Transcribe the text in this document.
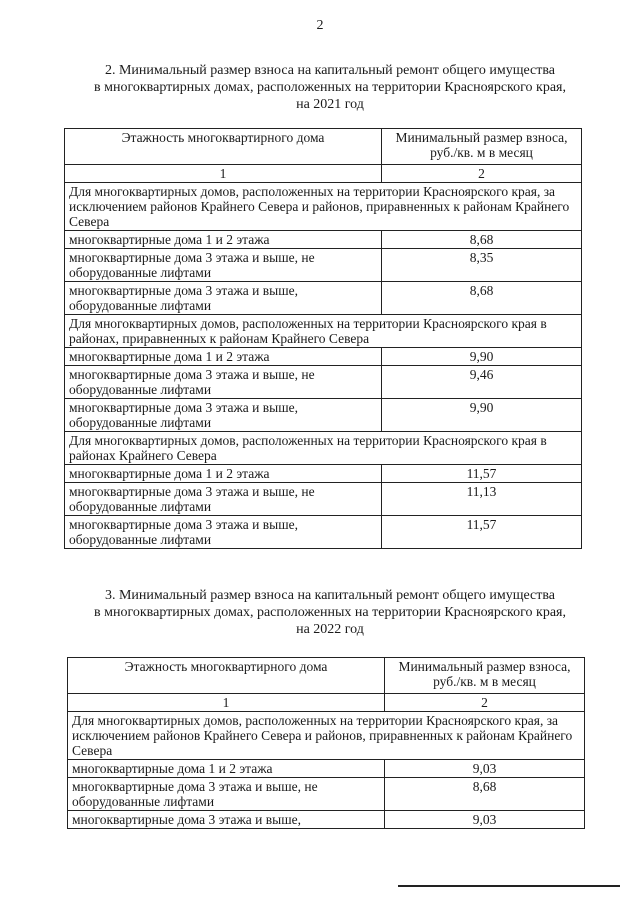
2
2. Минимальный размер взноса на капитальный ремонт общего имущества
в многоквартирных домах, расположенных на территории Красноярского края,
на 2021 год
Этажность многоквартирного дома	Минимальный размер взноса, руб./кв. м в месяц
1	2
Для многоквартирных домов, расположенных на территории Красноярского края, за исключением районов Крайнего Севера и районов, приравненных к районам Крайнего Севера	
многоквартирные дома 1 и 2 этажа	8,68
многоквартирные дома 3 этажа и выше, не оборудованные лифтами	8,35
многоквартирные дома 3 этажа и выше, оборудованные лифтами	8,68
Для многоквартирных домов, расположенных на территории Красноярского края в районах, приравненных к районам Крайнего Севера	
многоквартирные дома 1 и 2 этажа	9,90
многоквартирные дома 3 этажа и выше, не оборудованные лифтами	9,46
многоквартирные дома 3 этажа и выше, оборудованные лифтами	9,90
Для многоквартирных домов, расположенных на территории Красноярского края в районах Крайнего Севера	
многоквартирные дома 1 и 2 этажа	11,57
многоквартирные дома 3 этажа и выше, не оборудованные лифтами	11,13
многоквартирные дома 3 этажа и выше, оборудованные лифтами	11,57
3. Минимальный размер взноса на капитальный ремонт общего имущества
в многоквартирных домах, расположенных на территории Красноярского края,
на 2022 год
Этажность многоквартирного дома	Минимальный размер взноса, руб./кв. м в месяц
1	2
Для многоквартирных домов, расположенных на территории Красноярского края, за исключением районов Крайнего Севера и районов, приравненных к районам Крайнего Севера	
многоквартирные дома 1 и 2 этажа	9,03
многоквартирные дома 3 этажа и выше, не оборудованные лифтами	8,68
многоквартирные дома 3 этажа и выше,	9,03
